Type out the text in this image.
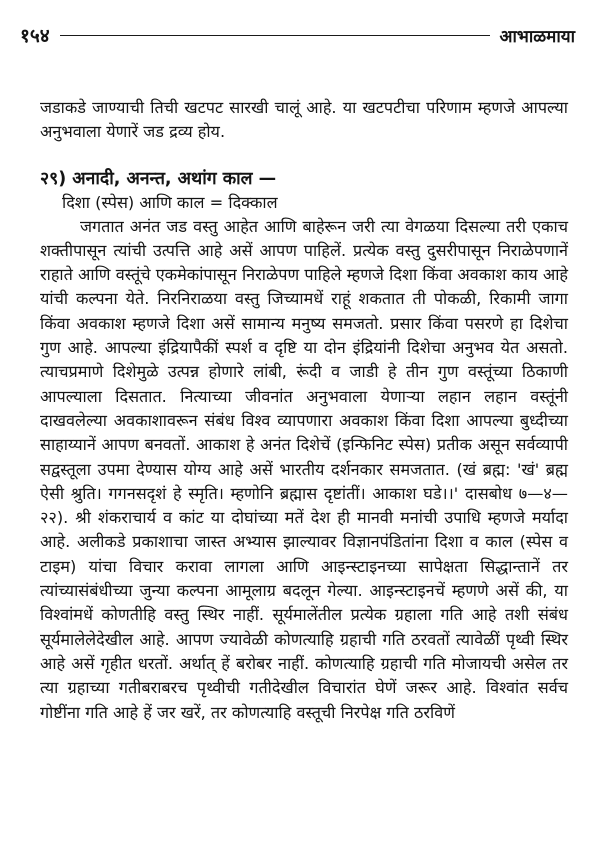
१५४	आभाळमाया

जडाकडे जाण्याची तिची खटपट सारखी चालूं आहे. या खटपटीचा परिणाम म्हणजे आपल्या अनुभवाला येणारें जड द्रव्य होय.

२९) अनादी, अनन्त, अथांग काल —
दिशा (स्पेस) आणि काल = दिक्काल

जगतात अनंत जड वस्तु आहेत आणि बाहेरून जरी त्या वेगळया दिसल्या तरी एकाच शक्तीपासून त्यांची उत्पत्ति आहे असें आपण पाहिलें. प्रत्येक वस्तु दुसरीपासून निराळेपणानें राहाते आणि वस्तूंचे एकमेकांपासून निराळेपण पाहिले म्हणजे दिशा किंवा अवकाश काय आहे यांची कल्पना येते. निरनिराळया वस्तु जिच्यामधें राहूं शकतात ती पोकळी, रिकामी जागा किंवा अवकाश म्हणजे दिशा असें सामान्य मनुष्य समजतो. प्रसार किंवा पसरणे हा दिशेचा गुण आहे. आपल्या इंद्रियापैकीं स्पर्श व दृष्टि या दोन इंद्रियांनी दिशेचा अनुभव येत असतो. त्याचप्रमाणे दिशेमुळे उत्पन्न होणारे लांबी, रूंदी व जाडी हे तीन गुण वस्तूंच्या ठिकाणी आपल्याला दिसतात. नित्याच्या जीवनांत अनुभवाला येणाऱ्या लहान लहान वस्तूंनी दाखवलेल्या अवकाशावरून संबंध विश्व व्यापणारा अवकाश किंवा दिशा आपल्या बुध्दीच्या साहाय्यानें आपण बनवतों. आकाश हे अनंत दिशेचें (इन्फिनिट स्पेस) प्रतीक असून सर्वव्यापी सद्वस्तूला उपमा देण्यास योग्य आहे असें भारतीय दर्शनकार समजतात. (खं ब्रह्म: 'खं' ब्रह्म ऐसी श्रुति। गगनसदृशं हे स्मृति। म्हणोनि ब्रह्मास दृष्टांतीं। आकाश घडे।।' दासबोध ७—४—२२). श्री शंकराचार्य व कांट या दोघांच्या मतें देश ही मानवी मनांची उपाधि म्हणजे मर्यादा आहे. अलीकडे प्रकाशाचा जास्त अभ्यास झाल्यावर विज्ञानपंडितांना दिशा व काल (स्पेस व टाइम) यांचा विचार करावा लागला आणि आइन्स्टाइनच्या सापेक्षता सिद्धान्तानें तर त्यांच्यासंबंधीच्या जुन्या कल्पना आमूलाग्र बदलून गेल्या. आइन्स्टाइनचें म्हणणे असें की, या विश्वांमधें कोणतीहि वस्तु स्थिर नाहीं. सूर्यमालेंतील प्रत्येक ग्रहाला गति आहे तशी संबंध सूर्यमालेलेदेखील आहे. आपण ज्यावेळी कोणत्याहि ग्रहाची गति ठरवतों त्यावेळीं पृथ्वी स्थिर आहे असें गृहीत धरतों. अर्थात् हें बरोबर नाहीं. कोणत्याहि ग्रहाची गति मोजायची असेल तर त्या ग्रहाच्या गतीबराबरच पृथ्वीची गतीदेखील विचारांत घेणें जरूर आहे. विश्वांत सर्वच गोष्टींना गति आहे हें जर खरें, तर कोणत्याहि वस्तूची निरपेक्ष गति ठरविणें
